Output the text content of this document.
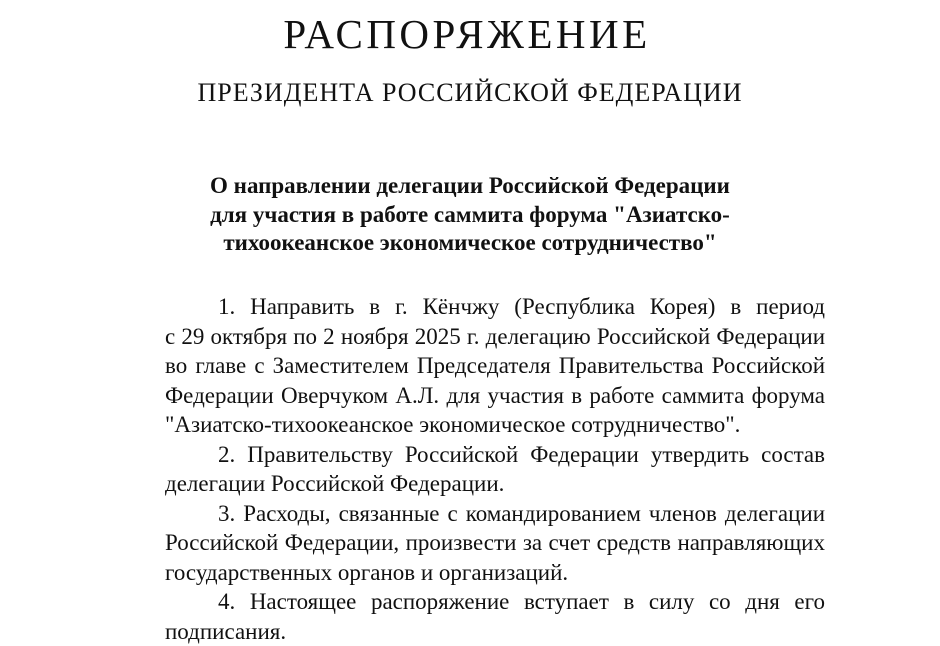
РАСПОРЯЖЕНИЕ
ПРЕЗИДЕНТА РОССИЙСКОЙ ФЕДЕРАЦИИ
О направлении делегации Российской Федерации
для участия в работе саммита форума "Азиатско-
тихоокеанское экономическое сотрудничество"
1. Направить в г. Кёнчжу (Республика Корея) в период
с 29 октября по 2 ноября 2025 г. делегацию Российской Федерации
во главе с Заместителем Председателя Правительства Российской
Федерации Оверчуком А.Л. для участия в работе саммита форума
"Азиатско-тихоокеанское экономическое сотрудничество".
2. Правительству Российской Федерации утвердить состав
делегации Российской Федерации.
3. Расходы, связанные с командированием членов делегации
Российской Федерации, произвести за счет средств направляющих
государственных органов и организаций.
4. Настоящее распоряжение вступает в силу со дня его
подписания.
